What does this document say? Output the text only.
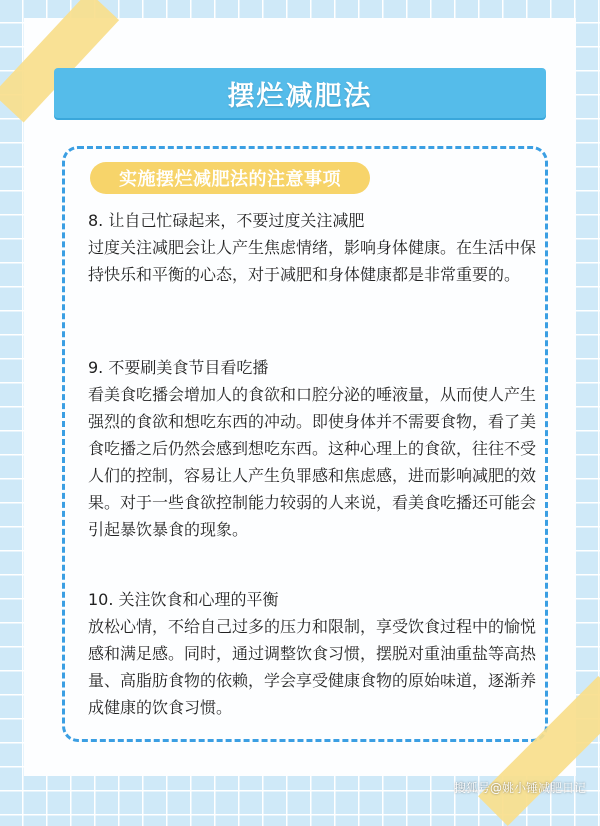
摆烂减肥法
实施摆烂减肥法的注意事项

8. 让自己忙碌起来，不要过度关注减肥

过度关注减肥会让人产生焦虑情绪，影响身体健康。在生活中保持快乐和平衡的心态，对于减肥和身体健康都是非常重要的。

9. 不要刷美食节目看吃播

看美食吃播会增加人的食欲和口腔分泌的唾液量，从而使人产生强烈的食欲和想吃东西的冲动。即使身体并不需要食物，看了美食吃播之后仍然会感到想吃东西。这种心理上的食欲，往往不受人们的控制，容易让人产生负罪感和焦虑感，进而影响减肥的效果。对于一些食欲控制能力较弱的人来说，看美食吃播还可能会引起暴饮暴食的现象。

10. 关注饮食和心理的平衡

放松心情，不给自己过多的压力和限制，享受饮食过程中的愉悦感和满足感。同时，通过调整饮食习惯，摆脱对重油重盐等高热量、高脂肪食物的依赖，学会享受健康食物的原始味道，逐渐养成健康的饮食习惯。

搜狐号@姚小锤减肥日记
